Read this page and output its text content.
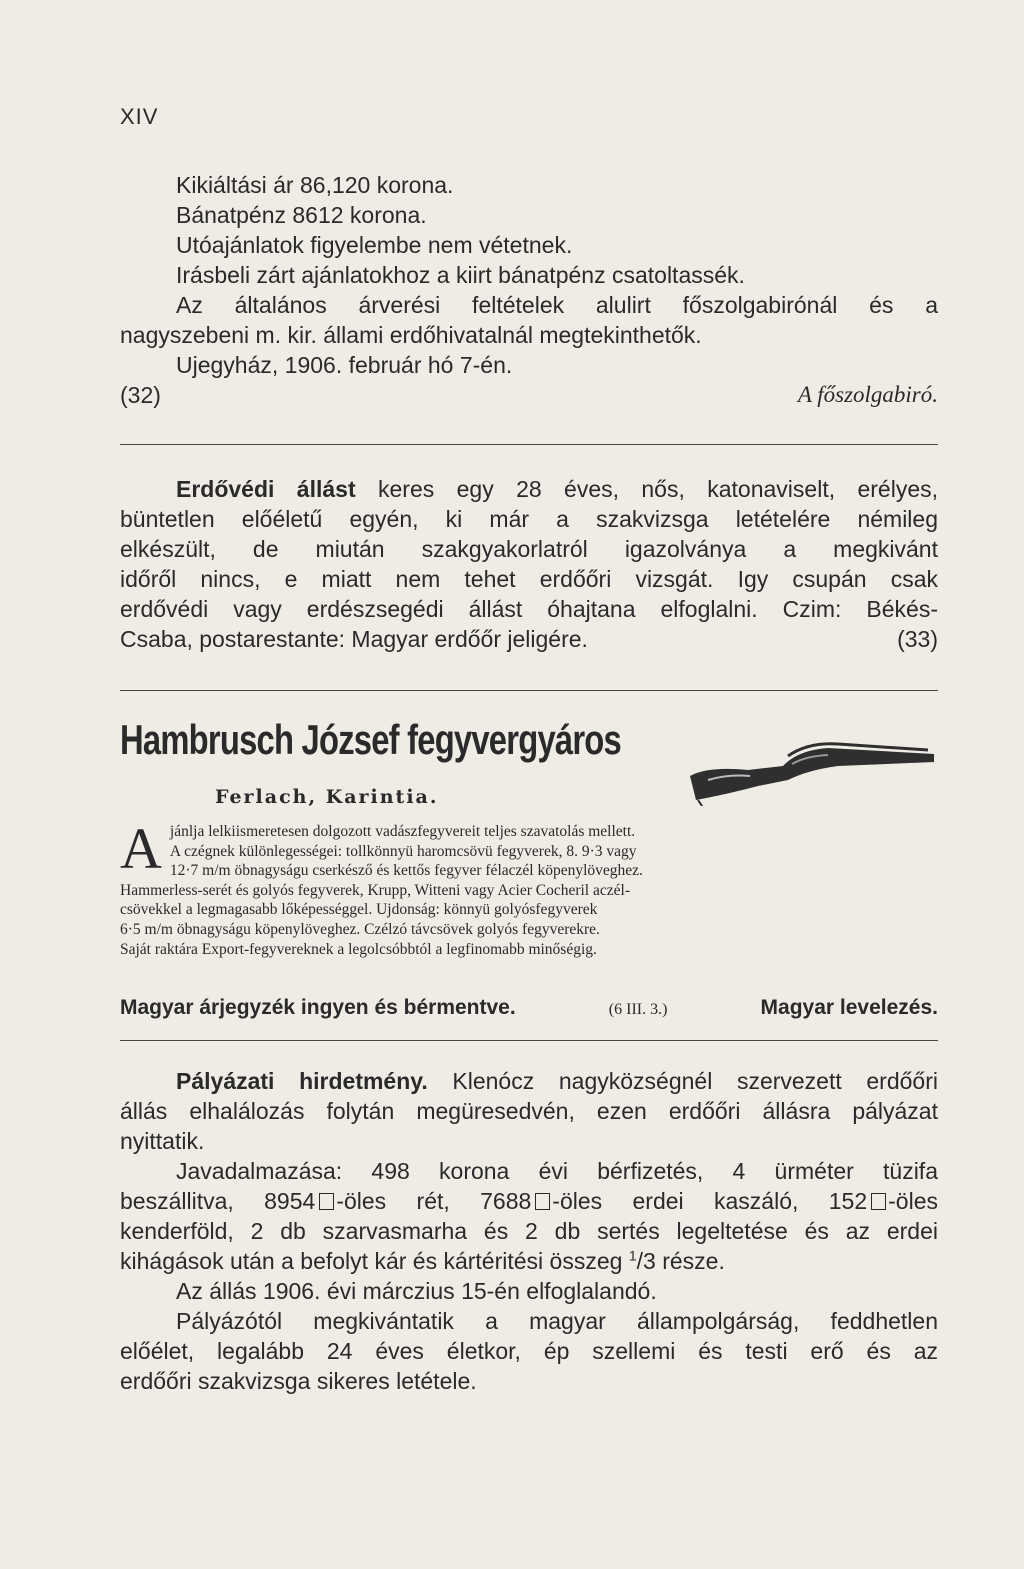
XIV
Kikiáltási ár 86,120 korona.
Bánatpénz 8612 korona.
Utóajánlatok figyelembe nem vétetnek.
Irásbeli zárt ajánlatokhoz a kiirt bánatpénz csatoltassék.
Az általános árverési feltételek alulirt főszolgabirónál és a
nagyszebeni m. kir. állami erdőhivatalnál megtekinthetők.
Ujegyház, 1906. február hó 7-én.
(32)	A főszolgabiró.
Erdővédi állást keres egy 28 éves, nős, katonaviselt, erélyes,
büntetlen előéletű egyén, ki már a szakvizsga letételére némileg
elkészült, de miután szakgyakorlatról igazolványa a megkivánt
időről nincs, e miatt nem tehet erdőőri vizsgát. Igy csupán csak
erdővédi vagy erdészsegédi állást óhajtana elfoglalni. Czim: Békés-
Csaba, postarestante: Magyar erdőőr jeligére.	(33)
Hambrusch József fegyvergyáros
Ferlach, Karintia.
A jánlja lelkiismeretesen dolgozott vadászfegyvereit teljes szavatolás mellett.
A czégnek különlegességei: tollkönnyü haromcsövü fegyverek, 8. 9·3 vagy
12·7 m/m öbnagyságu cserkésző és kettős fegyver félaczél köpenylöveghez.
Hammerless-serét és golyós fegyverek, Krupp, Witteni vagy Acier Cocheril aczél-
csövekkel a legmagasabb lőképességgel. Ujdonság: könnyü golyósfegyverek
6·5 m/m öbnagyságu köpenylöveghez. Czélzó távcsövek golyós fegyverekre.
Saját raktára Export-fegyvereknek a legolcsóbbtól a legfinomabb minőségig.
Magyar árjegyzék ingyen és bérmentve.	(6 III. 3.)	Magyar levelezés.
Pályázati hirdetmény. Klenócz nagyközségnél szervezett erdőőri
állás elhalálozás folytán megüresedvén, ezen erdőőri állásra pályázat
nyittatik.
Javadalmazása: 498 korona évi bérfizetés, 4 ürméter tüzifa
beszállitva, 8954 -öles rét, 7688 -öles erdei kaszáló, 152 -öles
kenderföld, 2 db szarvasmarha és 2 db sertés legeltetése és az erdei
kihágások után a befolyt kár és kártéritési összeg $^1$/3 része.
Az állás 1906. évi márczius 15-én elfoglalandó.
Pályázótól megkivántatik a magyar állampolgárság, feddhetlen
előélet, legalább 24 éves életkor, ép szellemi és testi erő és az
erdőőri szakvizsga sikeres letétele.
